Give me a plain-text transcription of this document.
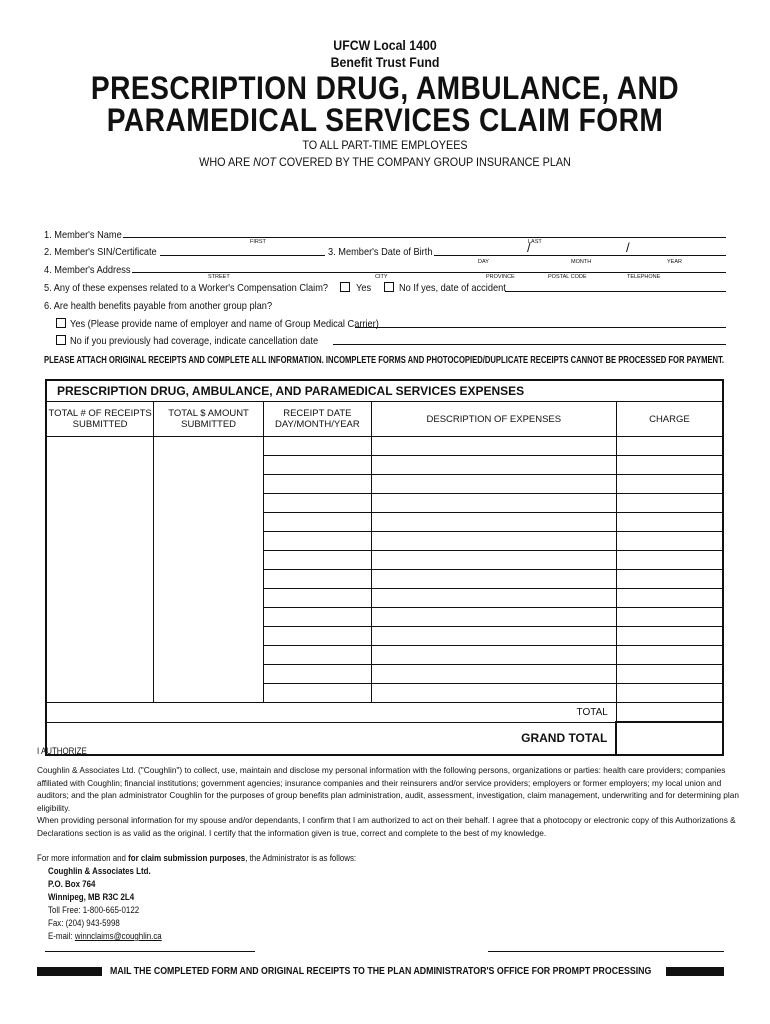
UFCW Local 1400
Benefit Trust Fund
PRESCRIPTION DRUG, AMBULANCE, AND
PARAMEDICAL SERVICES CLAIM FORM
TO ALL PART-TIME EMPLOYEES
WHO ARE NOT COVERED BY THE COMPANY GROUP INSURANCE PLAN
1. Member's Name
FIRST	LAST
2. Member's SIN/Certificate	3. Member's Date of Birth	/	/
DAY	MONTH	YEAR
4. Member's Address
STREET	CITY	PROVINCE	POSTAL CODE	TELEPHONE
5. Any of these expenses related to a Worker's Compensation Claim?	Yes	No If yes, date of accident
6. Are health benefits payable from another group plan?
Yes (Please provide name of employer and name of Group Medical Carrier)
No if you previously had coverage, indicate cancellation date
PLEASE ATTACH ORIGINAL RECEIPTS AND COMPLETE ALL INFORMATION. INCOMPLETE FORMS AND PHOTOCOPIED/DUPLICATE RECEIPTS CANNOT BE PROCESSED FOR PAYMENT.
PRESCRIPTION DRUG, AMBULANCE, AND PARAMEDICAL SERVICES EXPENSES				
TOTAL # OF RECEIPTS SUBMITTED	TOTAL $ AMOUNT SUBMITTED	RECEIPT DATE DAY/MONTH/YEAR	DESCRIPTION OF EXPENSES	CHARGE

TOTAL				
GRAND TOTAL				
I AUTHORIZE
Coughlin & Associates Ltd. ("Coughlin") to collect, use, maintain and disclose my personal information with the following persons, organizations or parties: health care providers; companies affiliated with Coughlin; financial institutions; government agencies; insurance companies and their reinsurers and/or service providers; employers or former employers; my local union and auditors; and the plan administrator Coughlin for the purposes of group benefits plan administration, audit, assessment, investigation, claim management, underwriting and for determining plan eligibility.
When providing personal information for my spouse and/or dependants, I confirm that I am authorized to act on their behalf. I agree that a photocopy or electronic copy of this Authorizations & Declarations section is as valid as the original. I certify that the information given is true, correct and complete to the best of my knowledge.
For more information and for claim submission purposes, the Administrator is as follows:
Coughlin & Associates Ltd.
P.O. Box 764
Winnipeg, MB R3C 2L4
Toll Free: 1-800-665-0122
Fax: (204) 943-5998
E-mail: winnclaims@coughlin.ca
MAIL THE COMPLETED FORM AND ORIGINAL RECEIPTS TO THE PLAN ADMINISTRATOR'S OFFICE FOR PROMPT PROCESSING
